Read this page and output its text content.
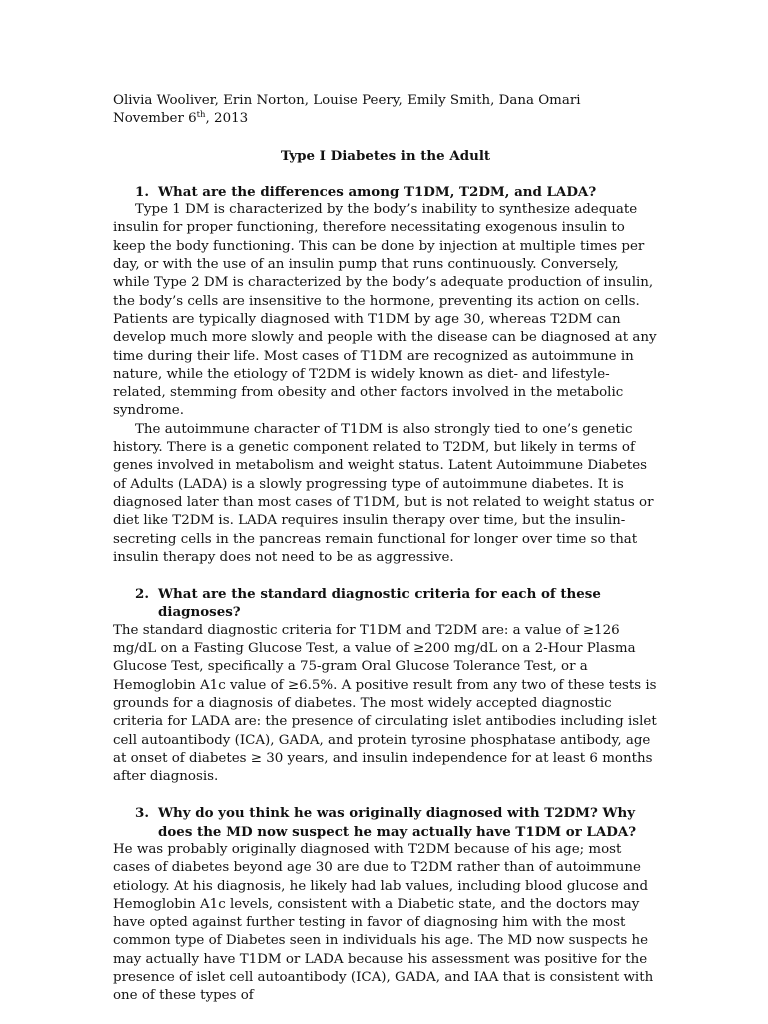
Olivia Wooliver, Erin Norton, Louise Peery, Emily Smith, Dana Omari

November 6th, 2013

Type I Diabetes in the Adult

1. What are the differences among T1DM, T2DM, and LADA?

Type 1 DM is characterized by the body’s inability to synthesize adequate insulin for proper functioning, therefore necessitating exogenous insulin to keep the body functioning. This can be done by injection at multiple times per day, or with the use of an insulin pump that runs continuously. Conversely, while Type 2 DM is characterized by the body’s adequate production of insulin, the body’s cells are insensitive to the hormone, preventing its action on cells. Patients are typically diagnosed with T1DM by age 30, whereas T2DM can develop much more slowly and people with the disease can be diagnosed at any time during their life. Most cases of T1DM are recognized as autoimmune in nature, while the etiology of T2DM is widely known as diet- and lifestyle-related, stemming from obesity and other factors involved in the metabolic syndrome.

The autoimmune character of T1DM is also strongly tied to one’s genetic history. There is a genetic component related to T2DM, but likely in terms of genes involved in metabolism and weight status. Latent Autoimmune Diabetes of Adults (LADA) is a slowly progressing type of autoimmune diabetes. It is diagnosed later than most cases of T1DM, but is not related to weight status or diet like T2DM is. LADA requires insulin therapy over time, but the insulin-secreting cells in the pancreas remain functional for longer over time so that insulin therapy does not need to be as aggressive.

2. What are the standard diagnostic criteria for each of these diagnoses?

The standard diagnostic criteria for T1DM and T2DM are: a value of ≥126 mg/dL on a Fasting Glucose Test, a value of ≥200 mg/dL on a 2-Hour Plasma Glucose Test, specifically a 75-gram Oral Glucose Tolerance Test, or a Hemoglobin A1c value of ≥6.5%. A positive result from any two of these tests is grounds for a diagnosis of diabetes. The most widely accepted diagnostic criteria for LADA are: the presence of circulating islet antibodies including islet cell autoantibody (ICA), GADA, and protein tyrosine phosphatase antibody, age at onset of diabetes ≥ 30 years, and insulin independence for at least 6 months after diagnosis.

3. Why do you think he was originally diagnosed with T2DM? Why does the MD now suspect he may actually have T1DM or LADA?

He was probably originally diagnosed with T2DM because of his age; most cases of diabetes beyond age 30 are due to T2DM rather than of autoimmune etiology. At his diagnosis, he likely had lab values, including blood glucose and Hemoglobin A1c levels, consistent with a Diabetic state, and the doctors may have opted against further testing in favor of diagnosing him with the most common type of Diabetes seen in individuals his age. The MD now suspects he may actually have T1DM or LADA because his assessment was positive for the presence of islet cell autoantibody (ICA), GADA, and IAA that is consistent with one of these types of
